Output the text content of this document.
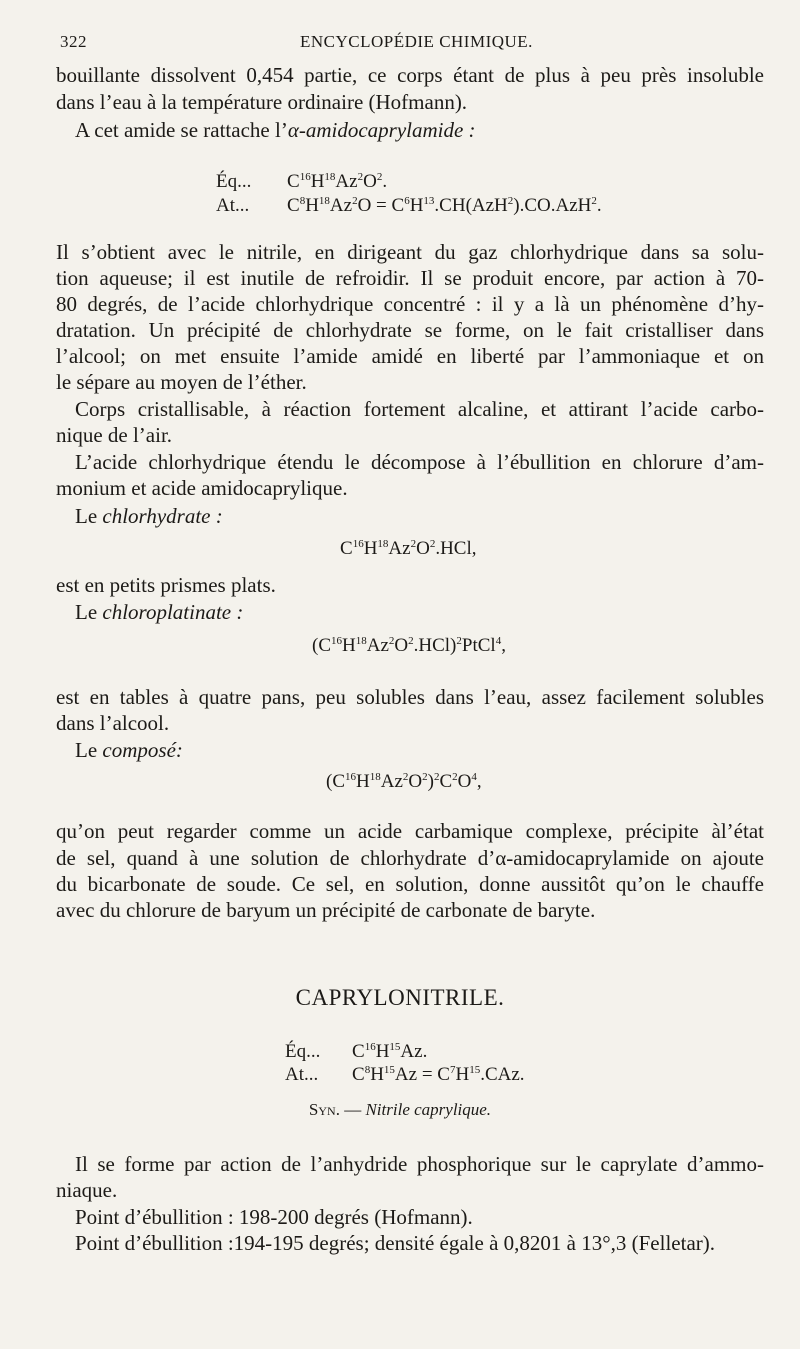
322	ENCYCLOPÉDIE CHIMIQUE.
bouillante dissolvent 0,454 partie, ce corps étant de plus à peu près insoluble
dans l’eau à la température ordinaire (Hofmann).
A cet amide se rattache l’α-amidocaprylamide :
Éq... $C^{16}H^{18}Az^2O^2$.
At... $C^8H^{18}Az^2O = C^6H^{13}.CH(AzH^2).CO.AzH^2$.
Il s’obtient avec le nitrile, en dirigeant du gaz chlorhydrique dans sa solu-
tion aqueuse; il est inutile de refroidir. Il se produit encore, par action à 70-
80 degrés, de l’acide chlorhydrique concentré : il y a là un phénomène d’hy-
dratation. Un précipité de chlorhydrate se forme, on le fait cristalliser dans
l’alcool; on met ensuite l’amide amidé en liberté par l’ammoniaque et on
le sépare au moyen de l’éther.
Corps cristallisable, à réaction fortement alcaline, et attirant l’acide carbo-
nique de l’air.
L’acide chlorhydrique étendu le décompose à l’ébullition en chlorure d’am-
monium et acide amidocaprylique.
Le chlorhydrate :
$C^{16}H^{18}Az^2O^2.HCl$,
est en petits prismes plats.
Le chloroplatinate :
$(C^{16}H^{18}Az^2O^2.HCl)^2PtCl^4$,
est en tables à quatre pans, peu solubles dans l’eau, assez facilement solubles
dans l’alcool.
Le composé:
$(C^{16}H^{18}Az^2O^2)^2C^2O^4$,
qu’on peut regarder comme un acide carbamique complexe, précipite àl’état
de sel, quand à une solution de chlorhydrate d’α-amidocaprylamide on ajoute
du bicarbonate de soude. Ce sel, en solution, donne aussitôt qu’on le chauffe
avec du chlorure de baryum un précipité de carbonate de baryte.
CAPRYLONITRILE.
Éq... $C^{16}H^{15}Az$.
At... $C^8H^{15}Az = C^7H^{15}.CAz$.
Syn. — Nitrile caprylique.
Il se forme par action de l’anhydride phosphorique sur le caprylate d’ammo-
niaque.
Point d’ébullition : 198-200 degrés (Hofmann).
Point d’ébullition :194-195 degrés; densité égale à 0,8201 à 13°,3 (Felletar).
